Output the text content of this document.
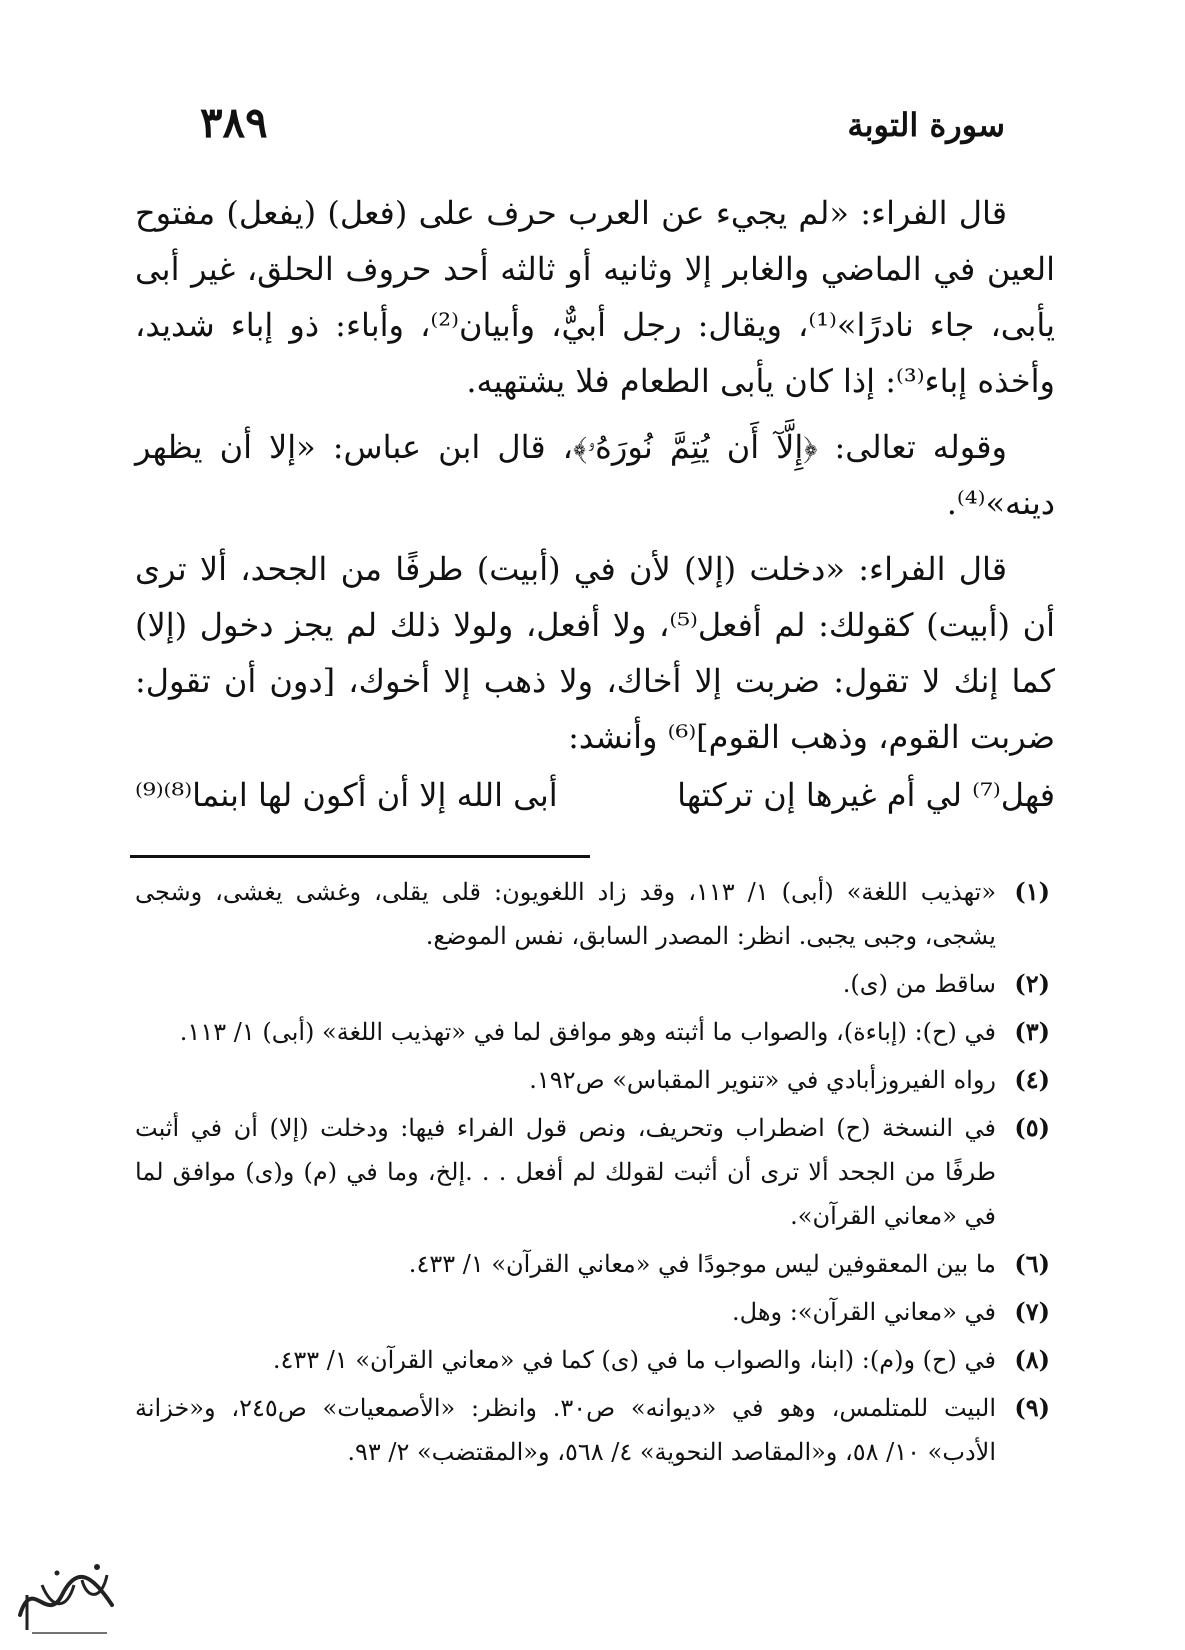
سورة التوبة
٣٨٩

قال الفراء: «لم يجيء عن العرب حرف على (فعل) (يفعل) مفتوح العين في الماضي والغابر إلا وثانيه أو ثالثه أحد حروف الحلق، غير أبى يأبى، جاء نادرًا»⁽¹⁾، ويقال: رجل أبيٌّ، وأبيان⁽²⁾، وأباء: ذو إباء شديد، وأخذه إباء⁽³⁾: إذا كان يأبى الطعام فلا يشتهيه.

وقوله تعالى: ﴿إِلَّآ أَن يُتِمَّ نُورَهُۥ﴾، قال ابن عباس: «إلا أن يظهر دينه»⁽⁴⁾.

قال الفراء: «دخلت (إلا) لأن في (أبيت) طرفًا من الجحد، ألا ترى أن (أبيت) كقولك: لم أفعل⁽⁵⁾، ولا أفعل، ولولا ذلك لم يجز دخول (إلا) كما إنك لا تقول: ضربت إلا أخاك، ولا ذهب إلا أخوك، [دون أن تقول: ضربت القوم، وذهب القوم]⁽⁶⁾ وأنشد:

فهل⁽⁷⁾ لي أم غيرها إن تركتها
أبى الله إلا أن أكون لها ابنما⁽⁸⁾⁽⁹⁾
(١)
«تهذيب اللغة» (أبى) ١/ ١١٣، وقد زاد اللغويون: قلى يقلى، وغشى يغشى، وشجى يشجى، وجبى يجبى. انظر: المصدر السابق، نفس الموضع.
(٢)
ساقط من (ى).
(٣)
في (ح): (إباءة)، والصواب ما أثبته وهو موافق لما في «تهذيب اللغة» (أبى) ١/ ١١٣.
(٤)
رواه الفيروزأبادي في «تنوير المقباس» ص١٩٢.
(٥)
في النسخة (ح) اضطراب وتحريف، ونص قول الفراء فيها: ودخلت (إلا) أن في أثبت طرفًا من الجحد ألا ترى أن أثبت لقولك لم أفعل . . .إلخ، وما في (م) و(ى) موافق لما في «معاني القرآن».
(٦)
ما بين المعقوفين ليس موجودًا في «معاني القرآن» ١/ ٤٣٣.
(٧)
في «معاني القرآن»: وهل.
(٨)
في (ح) و(م): (ابنا، والصواب ما في (ى) كما في «معاني القرآن» ١/ ٤٣٣.
(٩)
البيت للمتلمس، وهو في «ديوانه» ص٣٠. وانظر: «الأصمعيات» ص٢٤٥، و«خزانة الأدب» ١٠/ ٥٨، و«المقاصد النحوية» ٤/ ٥٦٨، و«المقتضب» ٢/ ٩٣.
